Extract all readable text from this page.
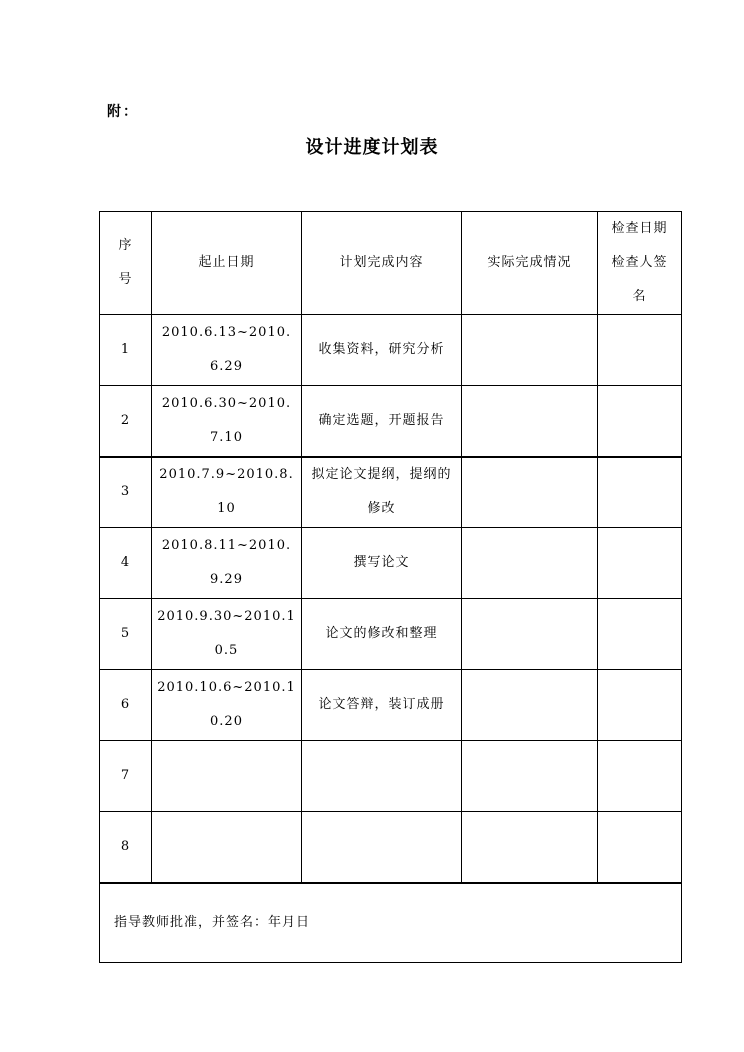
附：
设计进度计划表
序号	起止日期	计划完成内容	实际完成情况	检查日期检查人签名
1	2010.6.13~2010.6.29	收集资料，研究分析		
2	2010.6.30~2010.7.10	确定选题，开题报告		
3	2010.7.9~2010.8.10	拟定论文提纲，提纲的修改		
4	2010.8.11~2010.9.29	撰写论文		
5	2010.9.30~2010.10.5	论文的修改和整理		
6	2010.10.6~2010.10.20	论文答辩，装订成册		
7				
8				
指导教师批准，并签名：年月日				
